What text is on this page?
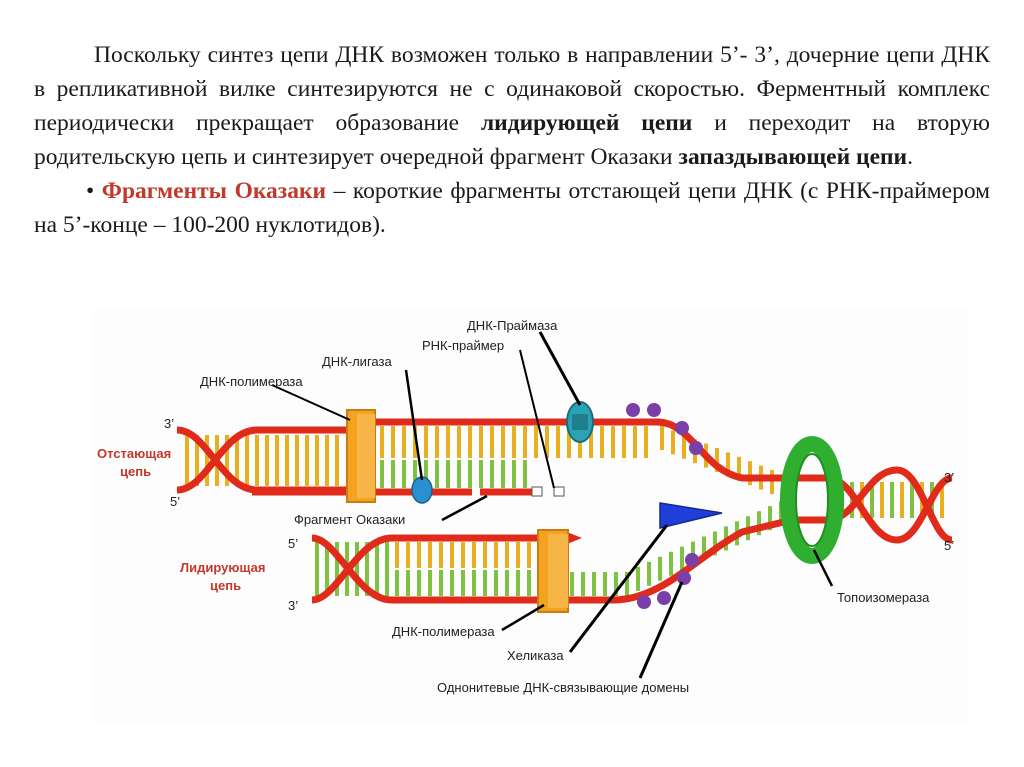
Поскольку синтез цепи ДНК возможен только в направлении 5’- 3’, дочерние цепи ДНК в репликативной вилке синтезируются не с одинаковой скоростью. Ферментный комплекс периодически прекращает образование лидирующей цепи и переходит на вторую родительскую цепь и синтезирует очередной фрагмент Оказаки запаздывающей цепи.

• Фрагменты Оказаки – короткие фрагменты отстающей цепи ДНК (с РНК-праймером на 5’-конце – 100-200 нуклотидов).

ДНК-Праймаза
РНК-праймер
ДНК-лигаза
ДНК-полимераза
Отстающая
цепь
Лидирующая
цепь
Фрагмент Оказаки
ДНК-полимераза
Хеликаза
Однонитевые ДНК-связывающие домены
Топоизомераза
3’
5’
5’
3’
3’
5’
